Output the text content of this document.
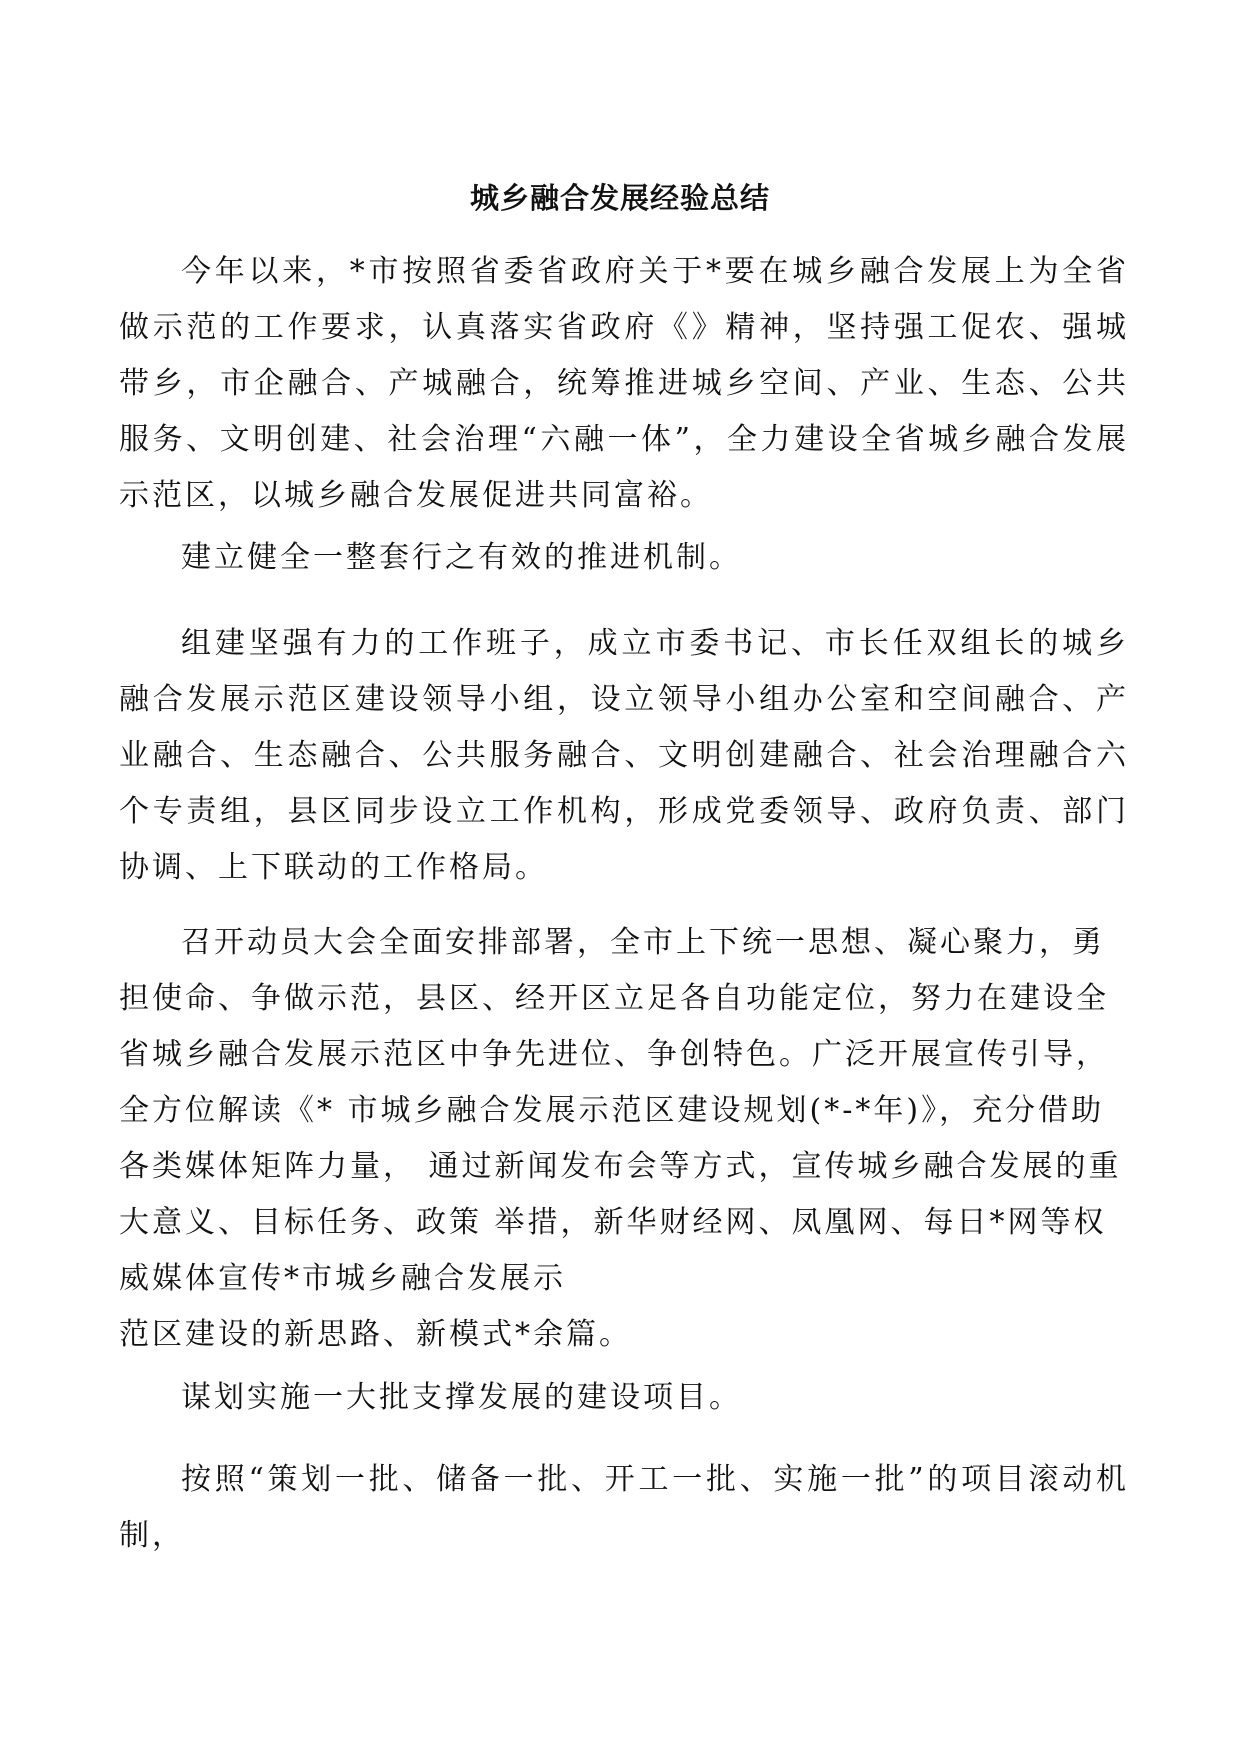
城乡融合发展经验总结

今年以来，*市按照省委省政府关于*要在城乡融合发展上为全省做示范的工作要求，认真落实省政府《》精神，坚持强工促农、强城带乡，市企融合、产城融合，统筹推进城乡空间、产业、生态、公共服务、文明创建、社会治理“六融一体”，全力建设全省城乡融合发展示范区，以城乡融合发展促进共同富裕。

建立健全一整套行之有效的推进机制。

组建坚强有力的工作班子，成立市委书记、市长任双组长的城乡融合发展示范区建设领导小组，设立领导小组办公室和空间融合、产业融合、生态融合、公共服务融合、文明创建融合、社会治理融合六个专责组，县区同步设立工作机构，形成党委领导、政府负责、部门协调、上下联动的工作格局。

召开动员大会全面安排部署，全市上下统一思想、凝心聚力，勇担使命、争做示范，县区、经开区立足各自功能定位，努力在建设全省城乡融合发展示范区中争先进位、争创特色。广泛开展宣传引导，全方位解读《* 市城乡融合发展示范区建设规划(*-*年)》，充分借助各类媒体矩阵力量， 通过新闻发布会等方式，宣传城乡融合发展的重大意义、目标任务、政策 举措，新华财经网、凤凰网、每日*网等权威媒体宣传*市城乡融合发展示
范区建设的新思路、新模式*余篇。

谋划实施一大批支撑发展的建设项目。

按照“策划一批、储备一批、开工一批、实施一批”的项目滚动机制，
